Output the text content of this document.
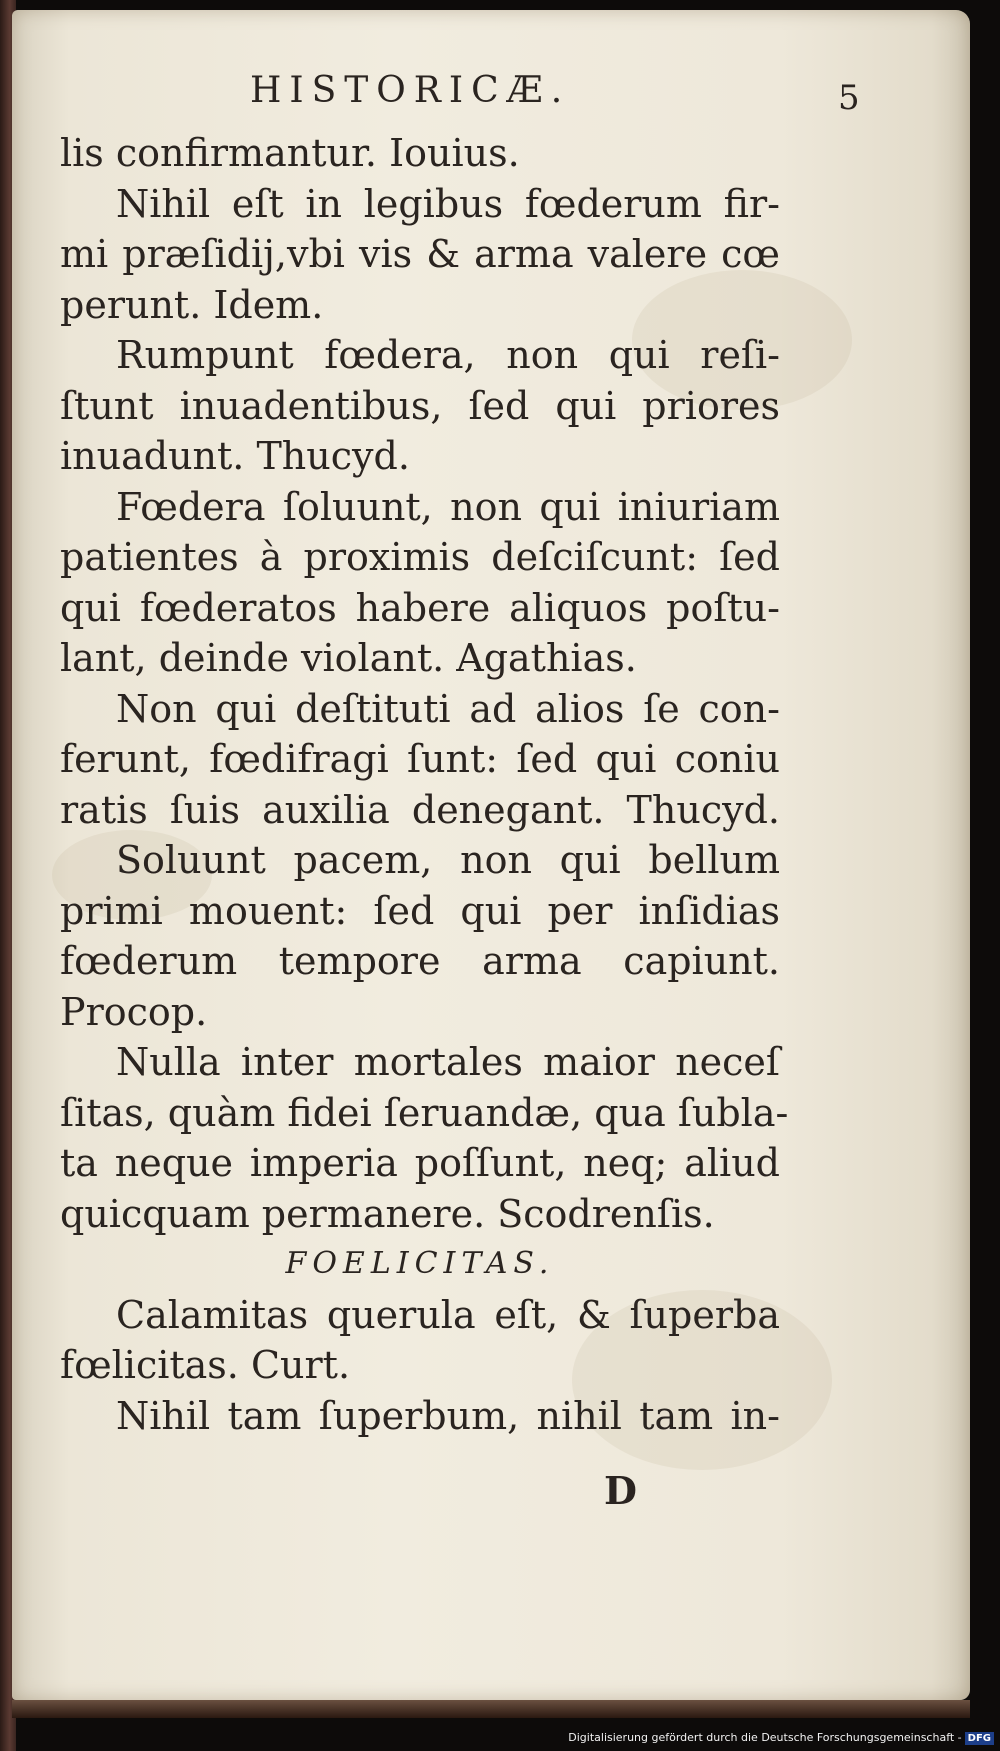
HISTORICÆ.	5
lis confirmantur. Iouius.
Nihil eſt in legibus fœderum fir-
mi præſidij,vbi vis & arma valere cœ
perunt. Idem.
Rumpunt fœdera, non qui reſi-
ſtunt inuadentibus, ſed qui priores
inuadunt. Thucyd.
Fœdera ſoluunt, non qui iniuriam
patientes à proximis deſciſcunt: ſed
qui fœderatos habere aliquos poſtu-
lant, deinde violant. Agathias.
Non qui deſtituti ad alios ſe con-
ferunt, fœdifragi ſunt: ſed qui coniu
ratis ſuis auxilia denegant. Thucyd.
Soluunt pacem, non qui bellum
primi mouent: ſed qui per inſidias
fœderum tempore arma capiunt.
Procop.
Nulla inter mortales maior neceſ
ſitas, quàm fidei ſeruandæ, qua ſubla-
ta neque imperia poſſunt, neq; aliud
quicquam permanere. Scodrenſis.
FOELICITAS.
Calamitas querula eſt, & ſuperba
fœlicitas. Curt.
Nihil tam ſuperbum, nihil tam in-
D
Digitalisierung gefördert durch die Deutsche Forschungsgemeinschaft - DFG
